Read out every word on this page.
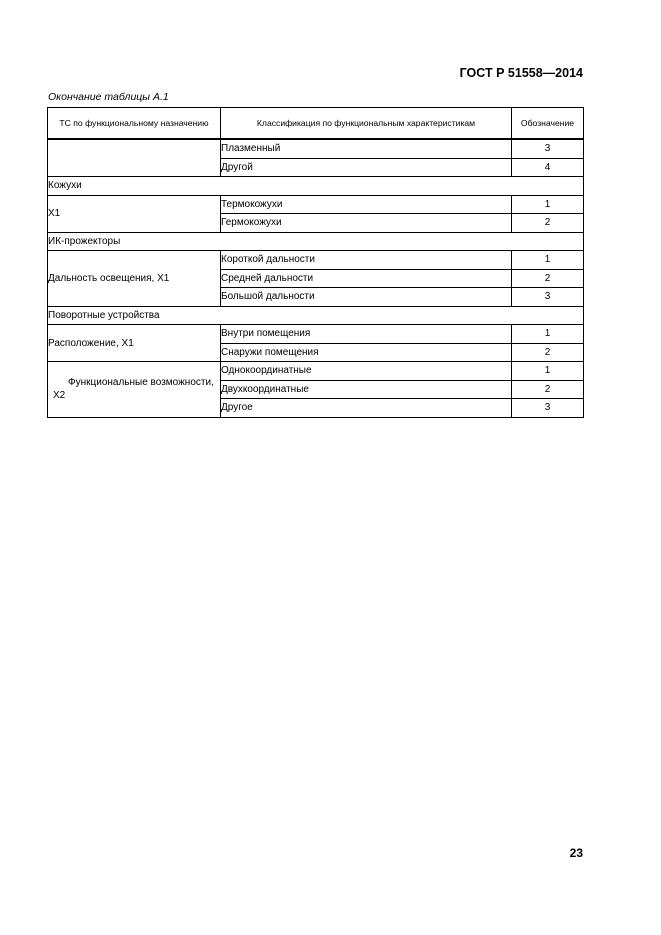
ГОСТ Р 51558—2014
Окончание таблицы А.1
ТС по функциональному назначению	Классификация по функциональным характеристикам	Обозначение
	Плазменный	3
	Другой	4
Кожухи		
X1	Термокожухи	1
	Гермокожухи	2
ИК-прожекторы		
Дальность освещения, X1	Короткой дальности	1
	Средней дальности	2
	Большой дальности	3
Поворотные устройства		
Расположение, X1	Внутри помещения	1
	Снаружи помещения	2
Функциональные возможности, X2	Однокоординатные	1
	Двухкоординатные	2
	Другое	3
23
